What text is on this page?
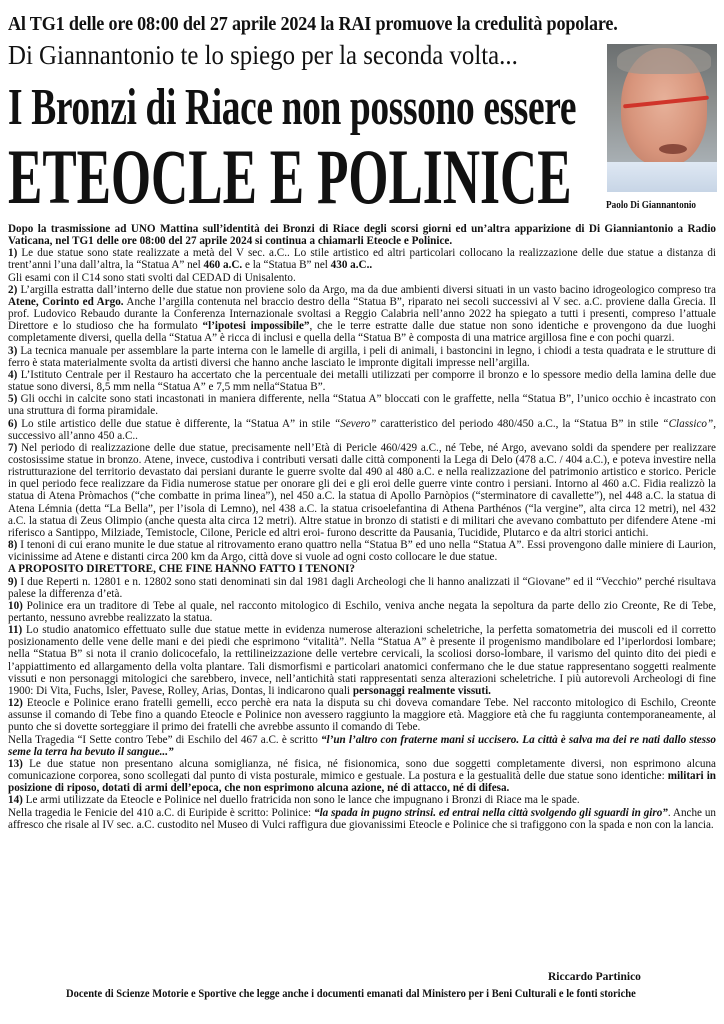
Al TG1 delle ore 08:00 del 27 aprile 2024 la RAI promuove la credulità popolare.
Di Giannantonio te lo spiego per la seconda volta...
I Bronzi di Riace non possono essere
ETEOCLE E POLINICE	Paolo Di Giannantonio

Dopo la trasmissione ad UNO Mattina sull’identità dei Bronzi di Riace degli scorsi giorni ed un’altra apparizione di Di Gianniantonio a Radio Vaticana, nel TG1 delle ore 08:00 del 27 aprile 2024 si continua a chiamarli Eteocle e Polinice.

1) Le due statue sono state realizzate a metà del V sec. a.C.. Lo stile artistico ed altri particolari collocano la realizzazione delle due statue a distanza di trent’anni l’una dall’altra, la “Statua A” nel 460 a.C. e la “Statua B” nel 430 a.C..

Gli esami con il C14 sono stati svolti dal CEDAD di Unisalento.

2) L’argilla estratta dall’interno delle due statue non proviene solo da Argo, ma da due ambienti diversi situati in un vasto bacino idrogeologico compreso tra Atene, Corinto ed Argo. Anche l’argilla contenuta nel braccio destro della “Statua B”, riparato nei secoli successivi al V sec. a.C. proviene dalla Grecia. Il prof. Ludovico Rebaudo durante la Conferenza Internazionale svoltasi a Reggio Calabria nell’anno 2022 ha spiegato a tutti i presenti, compreso l’attuale Direttore e lo studioso che ha formulato “l’ipotesi impossibile”, che le terre estratte dalle due statue non sono identiche e provengono da due luoghi completamente diversi, quella della “Statua A” è ricca di inclusi e quella della “Statua B” è composta di una matrice argillosa fine e con pochi quarzi.

3) La tecnica manuale per assemblare la parte interna con le lamelle di argilla, i peli di animali, i bastoncini in legno, i chiodi a testa quadrata e le strutture di ferro è stata materialmente svolta da artisti diversi che hanno anche lasciato le impronte digitali impresse nell’argilla.

4) L’Istituto Centrale per il Restauro ha accertato che la percentuale dei metalli utilizzati per comporre il bronzo e lo spessore medio della lamina delle due statue sono diversi, 8,5 mm nella “Statua A” e 7,5 mm nella“Statua B”.

5) Gli occhi in calcite sono stati incastonati in maniera differente, nella “Statua A” bloccati con le graffette, nella “Statua B”, l’unico occhio è incastrato con una struttura di forma piramidale.

6) Lo stile artistico delle due statue è differente, la “Statua A” in stile “Severo” caratteristico del periodo 480/450 a.C., la “Statua B” in stile “Classico”, successivo all’anno 450 a.C..

7) Nel periodo di realizzazione delle due statue, precisamente nell’Età di Pericle 460/429 a.C., né Tebe, né Argo, avevano soldi da spendere per realizzare costosissime statue in bronzo. Atene, invece, custodiva i contributi versati dalle città componenti la Lega di Delo (478 a.C. / 404 a.C.), e poteva investire nella ristrutturazione del territorio devastato dai persiani durante le guerre svolte dal 490 al 480 a.C. e nella realizzazione del patrimonio artistico e storico. Pericle in quel periodo fece realizzare da Fidia numerose statue per onorare gli dei e gli eroi delle guerre vinte contro i persiani. Intorno al 460 a.C. Fidia realizzò la statua di Atena Pròmachos (“che combatte in prima linea”), nel 450 a.C. la statua di Apollo Parnòpios (“sterminatore di cavallette”), nel 448 a.C. la statua di Atena Lémnia (detta “La Bella”, per l’isola di Lemno), nel 438 a.C. la statua crisoelefantina di Athena Parthénos (“la vergine”, alta circa 12 metri), nel 432 a.C. la statua di Zeus Olimpio (anche questa alta circa 12 metri). Altre statue in bronzo di statisti e di militari che avevano combattuto per difendere Atene -mi riferisco a Santippo, Milziade, Temistocle, Cilone, Pericle ed altri eroi- furono descritte da Pausania, Tucidide, Plutarco e da altri storici antichi.

8) I tenoni di cui erano munite le due statue al ritrovamento erano quattro nella “Statua B” ed uno nella “Statua A”. Essi provengono dalle miniere di Laurion, vicinissime ad Atene e distanti circa 200 km da Argo, città dove si vuole ad ogni costo collocare le due statue.

A PROPOSITO DIRETTORE, CHE FINE HANNO FATTO I TENONI?

9) I due Reperti n. 12801 e n. 12802 sono stati denominati sin dal 1981 dagli Archeologi che li hanno analizzati il “Giovane” ed il “Vecchio” perché risultava palese la differenza d’età.

10) Polinice era un traditore di Tebe al quale, nel racconto mitologico di Eschilo, veniva anche negata la sepoltura da parte dello zio Creonte, Re di Tebe, pertanto, nessuno avrebbe realizzato la statua.

11) Lo studio anatomico effettuato sulle due statue mette in evidenza numerose alterazioni scheletriche, la perfetta somatometria dei muscoli ed il corretto posizionamento delle vene delle mani e dei piedi che esprimono “vitalità”. Nella “Statua A” è presente il progenismo mandibolare ed l’iperlordosi lombare; nella “Statua B” si nota il cranio dolicocefalo, la rettilineizzazione delle vertebre cervicali, la scoliosi dorso-lombare, il varismo del quinto dito dei piedi e l’appiattimento ed allargamento della volta plantare. Tali dismorfismi e particolari anatomici confermano che le due statue rappresentano soggetti realmente vissuti e non personaggi mitologici che sarebbero, invece, nell’antichità stati rappresentati senza alterazioni scheletriche. I più autorevoli Archeologi di fine 1900: Di Vita, Fuchs, Isler, Pavese, Rolley, Arias, Dontas, li indicarono quali personaggi realmente vissuti.

12) Eteocle e Polinice erano fratelli gemelli, ecco perchè era nata la disputa su chi doveva comandare Tebe. Nel racconto mitologico di Eschilo, Creonte assunse il comando di Tebe fino a quando Eteocle e Polinice non avessero raggiunto la maggiore età. Maggiore età che fu raggiunta contemporaneamente, al punto che si dovette sorteggiare il primo dei fratelli che avrebbe assunto il comando di Tebe.

Nella Tragedia “I Sette contro Tebe” di Eschilo del 467 a.C. è scritto “l’un l’altro con fraterne mani si uccisero. La città è salva ma dei re nati dallo stesso seme la terra ha bevuto il sangue...”

13) Le due statue non presentano alcuna somiglianza, né fisica, né fisionomica, sono due soggetti completamente diversi, non esprimono alcuna comunicazione corporea, sono scollegati dal punto di vista posturale, mimico e gestuale. La postura e la gestualità delle due statue sono identiche: militari in posizione di riposo, dotati di armi dell’epoca, che non esprimono alcuna azione, né di attacco, né di difesa.

14) Le armi utilizzate da Eteocle e Polinice nel duello fratricida non sono le lance che impugnano i Bronzi di Riace ma le spade.

Nella tragedia le Fenicie del 410 a.C. di Euripide è scritto: Polinice: “la spada in pugno strinsi. ed entrai nella città svolgendo gli sguardi in giro”. Anche un affresco che risale al IV sec. a.C. custodito nel Museo di Vulci raffigura due giovanissimi Eteocle e Polinice che si trafiggono con la spada e non con la lancia.

Riccardo Partinico
Docente di Scienze Motorie e Sportive che legge anche i documenti emanati dal Ministero per i Beni Culturali e le fonti storiche
